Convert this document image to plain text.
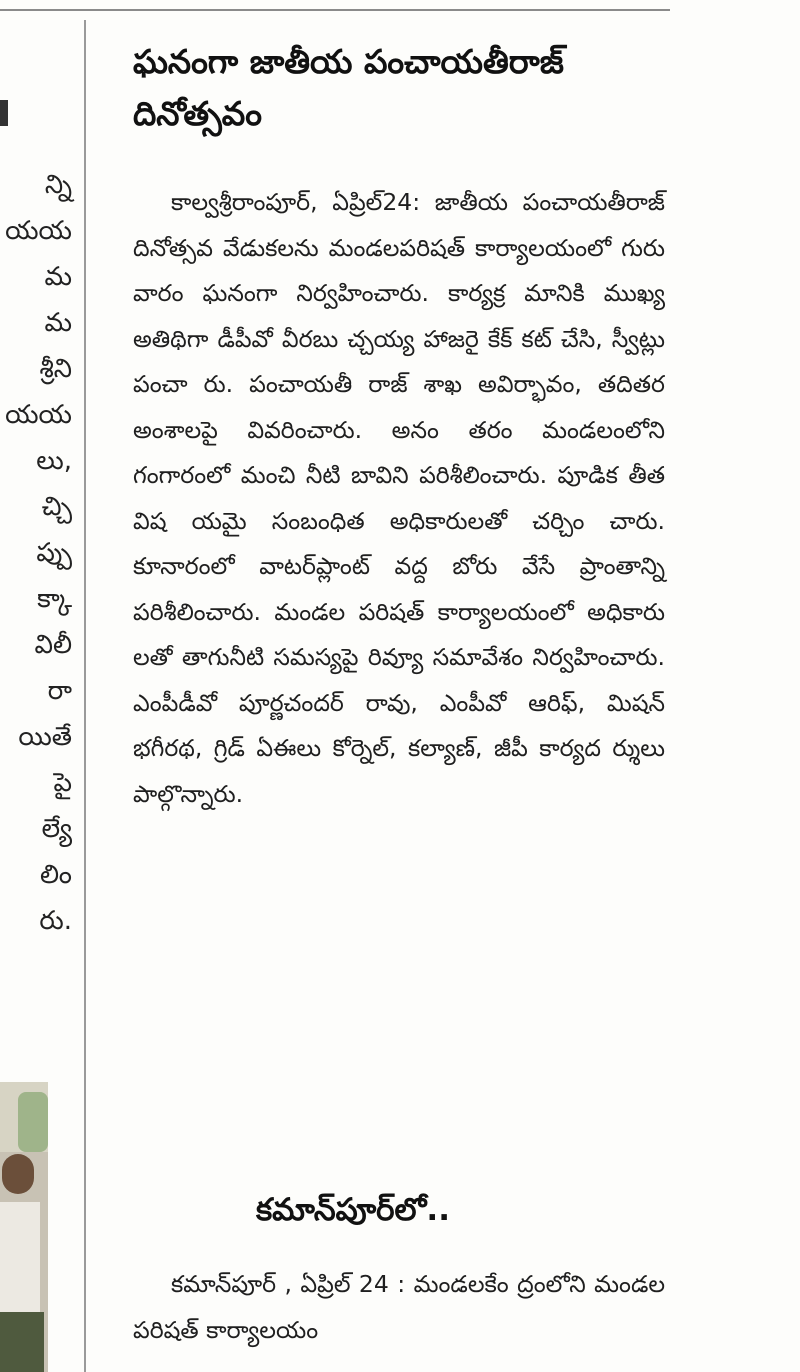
న్ని
యయ
మ
మ
శ్రీని
యయ
లు,
చ్చి
ప్పు
క్కా
విలీ
రా
యితే
పై
ల్యే
లిం
రు.
ఘనంగా జాతీయ పంచాయతీరాజ్ దినోత్సవం

కాల్వశ్రీరాంపూర్, ఏప్రిల్24: జాతీయ పంచాయతీరాజ్ దినోత్సవ వేడుకలను మండలపరిషత్ కార్యాలయంలో గురు వారం ఘనంగా నిర్వహించారు. కార్యక్ర మానికి ముఖ్య అతిథిగా డీపీవో వీరబు చ్చయ్య హాజరై కేక్ కట్ చేసి, స్వీట్లు పంచా రు. పంచాయతీ రాజ్ శాఖ అవిర్భావం, తదితర అంశాలపై వివరించారు. అనం తరం మండలంలోని గంగారంలో మంచి నీటి బావిని పరిశీలించారు. పూడిక తీత విష యమై సంబంధిత అధికారులతో చర్చిం చారు. కూనారంలో వాటర్‌ప్లాంట్ వద్ద బోరు వేసే ప్రాంతాన్ని పరిశీలించారు. మండల పరిషత్ కార్యాలయంలో అధికారు లతో తాగునీటి సమస్యపై రివ్యూ సమావేశం నిర్వహించారు. ఎంపీడీవో పూర్ణచందర్ రావు, ఎంపీవో ఆరిఫ్, మిషన్ భగీరథ, గ్రిడ్ ఏఈలు కోర్నెల్, కల్యాణ్, జీపీ కార్యద ర్శులు పాల్గొన్నారు.

కమాన్‌పూర్‌లో..

కమాన్‌పూర్ , ఏప్రిల్ 24 : మండలకేం ద్రంలోని మండల పరిషత్ కార్యాలయం
